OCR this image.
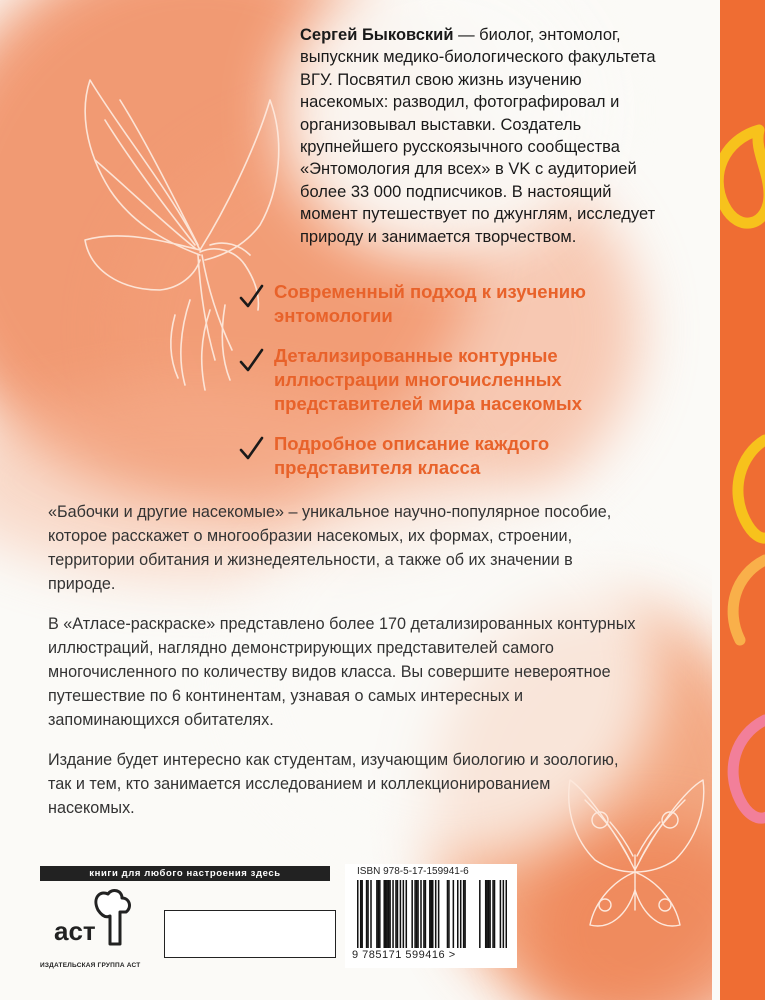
Сергей Быковский — биолог, энтомолог, выпускник медико-биологического факультета ВГУ. Посвятил свою жизнь изучению насекомых: разводил, фотографировал и организовывал выставки. Создатель крупнейшего русскоязычного сообщества «Энтомология для всех» в VK с аудиторией более 33 000 подписчиков. В настоящий момент путешествует по джунглям, исследует природу и занимается творчеством.
Современный подход к изучению энтомологии
Детализированные контурные иллюстрации многочисленных представителей мира насекомых
Подробное описание каждого представителя класса

«Бабочки и другие насекомые» – уникальное научно-популярное пособие, которое расскажет о многообразии насекомых, их формах, строении, территории обитания и жизнедеятельности, а также об их значении в природе.

В «Атласе-раскраске» представлено более 170 детализированных контурных иллюстраций, наглядно демонстрирующих представителей самого многочисленного по количеству видов класса. Вы совершите невероятное путешествие по 6 континентам, узнавая о самых интересных и запоминающихся обитателях.

Издание будет интересно как студентам, изучающим биологию и зоологию, так и тем, кто занимается исследованием и коллекционированием насекомых.

книги для любого настроения здесь
аст
ИЗДАТЕЛЬСКАЯ ГРУППА АСТ
ISBN 978-5-17-159941-6
9 785171 599416 >
